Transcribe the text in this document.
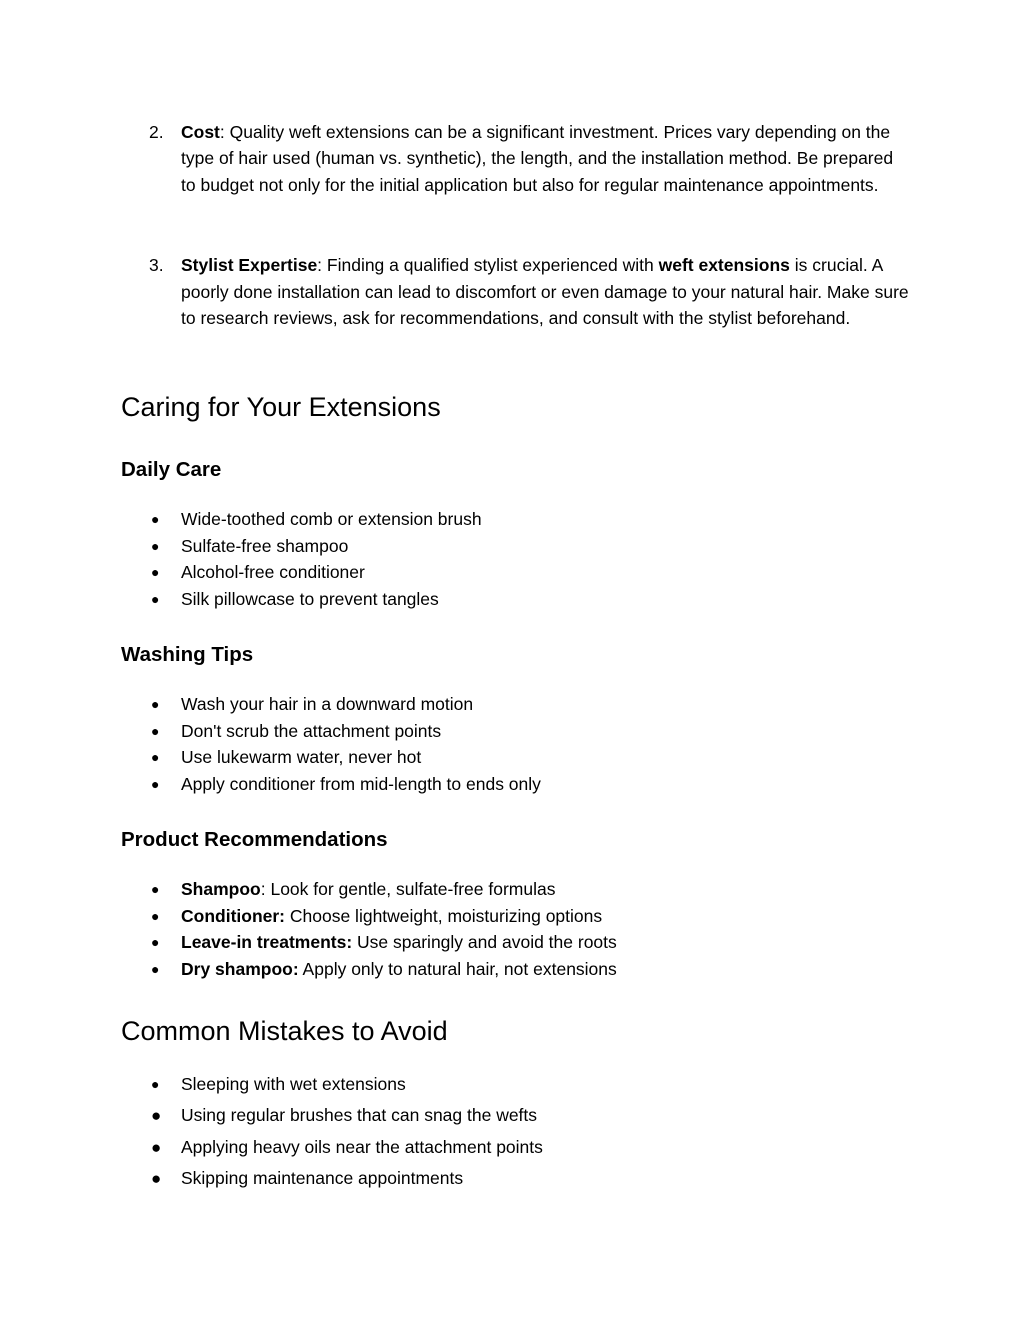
2. Cost: Quality weft extensions can be a significant investment. Prices vary depending on the type of hair used (human vs. synthetic), the length, and the installation method. Be prepared to budget not only for the initial application but also for regular maintenance appointments.
3. Stylist Expertise: Finding a qualified stylist experienced with weft extensions is crucial. A poorly done installation can lead to discomfort or even damage to your natural hair. Make sure to research reviews, ask for recommendations, and consult with the stylist beforehand.
Caring for Your Extensions
Daily Care
● Wide-toothed comb or extension brush
● Sulfate-free shampoo
● Alcohol-free conditioner
● Silk pillowcase to prevent tangles
Washing Tips
● Wash your hair in a downward motion
● Don't scrub the attachment points
● Use lukewarm water, never hot
● Apply conditioner from mid-length to ends only
Product Recommendations
● Shampoo: Look for gentle, sulfate-free formulas
● Conditioner: Choose lightweight, moisturizing options
● Leave-in treatments: Use sparingly and avoid the roots
● Dry shampoo: Apply only to natural hair, not extensions
Common Mistakes to Avoid
● Sleeping with wet extensions
● Using regular brushes that can snag the wefts
● Applying heavy oils near the attachment points
● Skipping maintenance appointments
